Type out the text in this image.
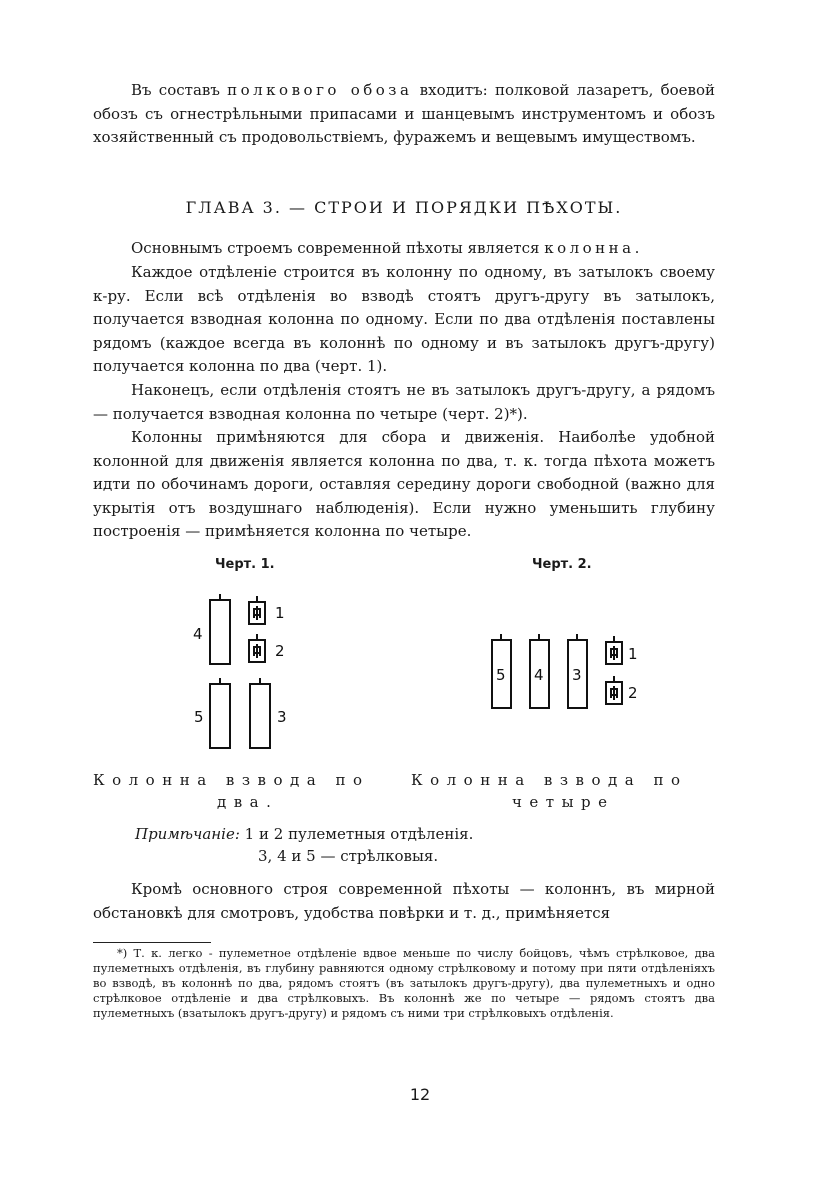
Въ составъ полкового обоза входитъ: полковой лазаретъ, боевой обозъ съ огнестрѣльными припасами и шанцевымъ инструментомъ и обозъ хозяйственный съ продовольствіемъ, фуражемъ и вещевымъ имуществомъ.

ГЛАВА 3. — СТРОИ И ПОРЯДКИ ПѢХОТЫ.

Основнымъ строемъ современной пѣхоты является колонна.

Каждое отдѣленіе строится въ колонну по одному, въ затылокъ своему к-ру. Если всѣ отдѣленія во взводѣ стоятъ другъ-другу въ затылокъ, получается взводная колонна по одному. Если по два отдѣленія поставлены рядомъ (каждое всегда въ колоннѣ по одному и въ затылокъ другъ-другу) получается колонна по два (черт. 1).

Наконецъ, если отдѣленія стоятъ не въ затылокъ другъ-другу, а рядомъ — получается взводная колонна по четыре (черт. 2)*).

Колонны примѣняются для сбора и движенія. Наиболѣе удобной колонной для движенія является колонна по два, т. к. тогда пѣхота можетъ идти по обочинамъ дороги, оставляя середину дороги свободной (важно для укрытія отъ воздушнаго наблюденія). Если нужно уменьшить глубину построенія — примѣняется колонна по четыре.

Черт. 1.	Черт. 2.
4
1
2
5	3
5 4 3
1
2
Колонна взвода по
два.
Колонна взвода по
четыре
Примѣчаніе: 1 и 2 пулеметныя отдѣленія.
3, 4 и 5 — стрѣлковыя.

Кромѣ основного строя современной пѣхоты — колоннъ, въ мирной обстановкѣ для смотровъ, удобства повѣрки и т. д., примѣняется

*) Т. к. легко - пулеметное отдѣленіе вдвое меньше по числу бойцовъ, чѣмъ стрѣлковое, два пулеметныхъ отдѣленія, въ глубину равняются одному стрѣлковому и потому при пяти отдѣленіяхъ во взводѣ, въ колоннѣ по два, рядомъ стоятъ (въ затылокъ другъ-другу), два пулеметныхъ и одно стрѣлковое отдѣленіе и два стрѣлковыхъ. Въ колоннѣ же по четыре — рядомъ стоятъ два пулеметныхъ (взатылокъ другъ-другу) и рядомъ съ ними три стрѣлковыхъ отдѣленія.

12
